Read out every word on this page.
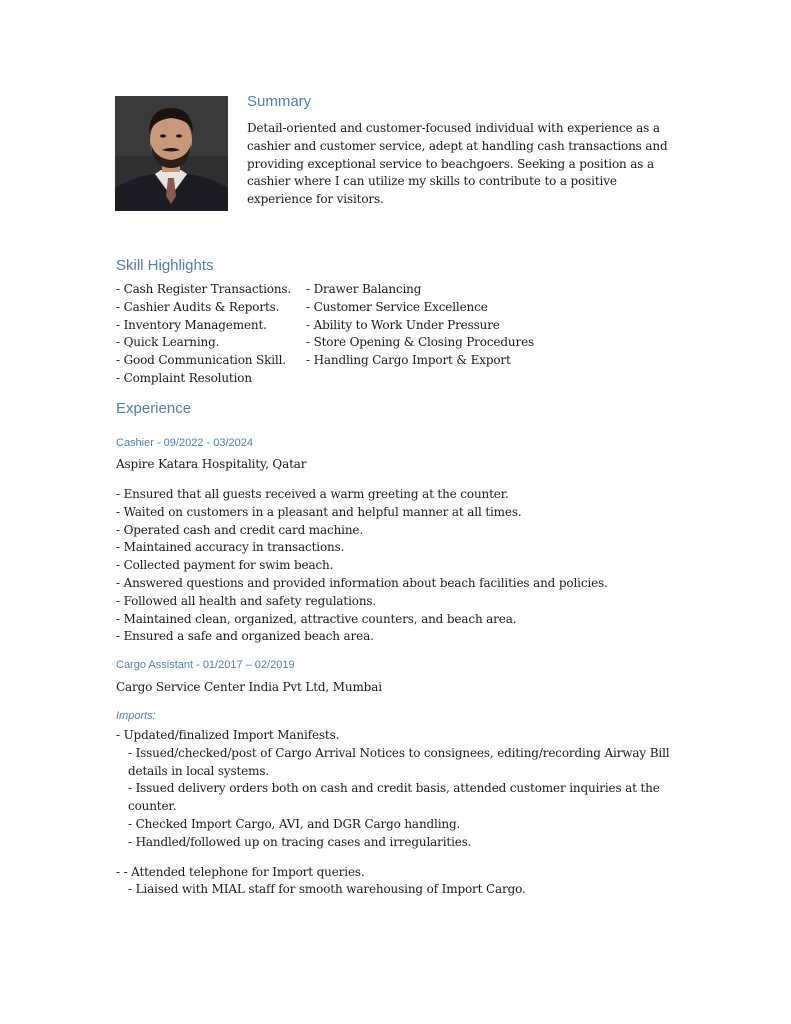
Summary
Detail-oriented and customer-focused individual with experience as a cashier and customer service, adept at handling cash transactions and providing exceptional service to beachgoers. Seeking a position as a cashier where I can utilize my skills to contribute to a positive experience for visitors.
Skill Highlights
- Cash Register Transactions.	- Drawer Balancing
- Cashier Audits & Reports.	- Customer Service Excellence
- Inventory Management.	- Ability to Work Under Pressure
- Quick Learning.	- Store Opening & Closing Procedures
- Good Communication Skill.	- Handling Cargo Import & Export
- Complaint Resolution
Experience
Cashier - 09/2022 - 03/2024
Aspire Katara Hospitality, Qatar
- Ensured that all guests received a warm greeting at the counter.
- Waited on customers in a pleasant and helpful manner at all times.
- Operated cash and credit card machine.
- Maintained accuracy in transactions.
- Collected payment for swim beach.
- Answered questions and provided information about beach facilities and policies.
- Followed all health and safety regulations.
- Maintained clean, organized, attractive counters, and beach area.
- Ensured a safe and organized beach area.
Cargo Assistant - 01/2017 – 02/2019
Cargo Service Center India Pvt Ltd, Mumbai
Imports:
- Updated/finalized Import Manifests.
- Issued/checked/post of Cargo Arrival Notices to consignees, editing/recording Airway Bill details in local systems.
- Issued delivery orders both on cash and credit basis, attended customer inquiries at the counter.
- Checked Import Cargo, AVI, and DGR Cargo handling.
- Handled/followed up on tracing cases and irregularities.
- - Attended telephone for Import queries.
- Liaised with MIAL staff for smooth warehousing of Import Cargo.
